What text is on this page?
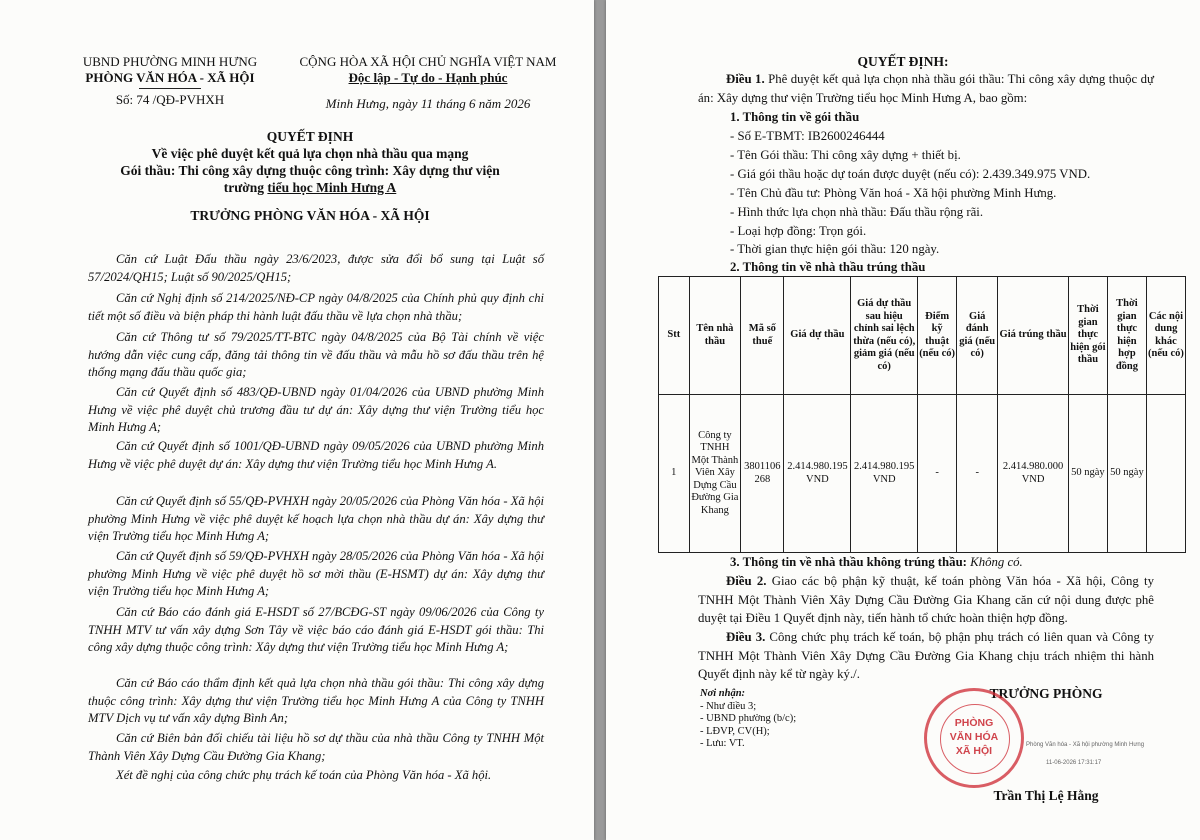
UBND PHƯỜNG MINH HƯNG
PHÒNG VĂN HÓA - XÃ HỘI
Số: 74 /QĐ-PVHXH
CỘNG HÒA XÃ HỘI CHỦ NGHĨA VIỆT NAM
Độc lập - Tự do - Hạnh phúc
Minh Hưng, ngày 11 tháng 6 năm 2026
QUYẾT ĐỊNH
Về việc phê duyệt kết quả lựa chọn nhà thầu qua mạng
Gói thầu: Thi công xây dựng thuộc công trình: Xây dựng thư viện
trường tiểu học Minh Hưng A
TRƯỞNG PHÒNG VĂN HÓA - XÃ HỘI
Căn cứ Luật Đấu thầu ngày 23/6/2023, được sửa đổi bổ sung tại Luật số 57/2024/QH15; Luật số 90/2025/QH15;
Căn cứ Nghị định số 214/2025/NĐ-CP ngày 04/8/2025 của Chính phủ quy định chi tiết một số điều và biện pháp thi hành luật đấu thầu về lựa chọn nhà thầu;
Căn cứ Thông tư số 79/2025/TT-BTC ngày 04/8/2025 của Bộ Tài chính về việc hướng dẫn việc cung cấp, đăng tải thông tin về đấu thầu và mẫu hồ sơ đấu thầu trên hệ thống mạng đấu thầu quốc gia;
Căn cứ Quyết định số 483/QĐ-UBND ngày 01/04/2026 của UBND phường Minh Hưng về việc phê duyệt chủ trương đầu tư dự án: Xây dựng thư viện Trường tiểu học Minh Hưng A;
Căn cứ Quyết định số 1001/QĐ-UBND ngày 09/05/2026 của UBND phường Minh Hưng về việc phê duyệt dự án: Xây dựng thư viện Trường tiểu học Minh Hưng A.
Căn cứ Quyết định số 55/QĐ-PVHXH ngày 20/05/2026 của Phòng Văn hóa - Xã hội phường Minh Hưng về việc phê duyệt kế hoạch lựa chọn nhà thầu dự án: Xây dựng thư viện Trường tiểu học Minh Hưng A;
Căn cứ Quyết định số 59/QĐ-PVHXH ngày 28/05/2026 của Phòng Văn hóa - Xã hội phường Minh Hưng về việc phê duyệt hồ sơ mời thầu (E-HSMT) dự án: Xây dựng thư viện Trường tiểu học Minh Hưng A;
Căn cứ Báo cáo đánh giá E-HSDT số 27/BCĐG-ST ngày 09/06/2026 của Công ty TNHH MTV tư vấn xây dựng Sơn Tây về việc báo cáo đánh giá E-HSDT gói thầu: Thi công xây dựng thuộc công trình: Xây dựng thư viện Trường tiểu học Minh Hưng A;
Căn cứ Báo cáo thẩm định kết quả lựa chọn nhà thầu gói thầu: Thi công xây dựng thuộc công trình: Xây dựng thư viện Trường tiểu học Minh Hưng A của Công ty TNHH MTV Dịch vụ tư vấn xây dựng Bình An;
Căn cứ Biên bản đối chiếu tài liệu hồ sơ dự thầu của nhà thầu Công ty TNHH Một Thành Viên Xây Dựng Cầu Đường Gia Khang;
Xét đề nghị của công chức phụ trách kế toán của Phòng Văn hóa - Xã hội.
QUYẾT ĐỊNH:
Điều 1. Phê duyệt kết quả lựa chọn nhà thầu gói thầu: Thi công xây dựng thuộc dự án: Xây dựng thư viện Trường tiểu học Minh Hưng A, bao gồm:
1. Thông tin về gói thầu
- Số E-TBMT: IB2600246444
- Tên Gói thầu: Thi công xây dựng + thiết bị.
- Giá gói thầu hoặc dự toán được duyệt (nếu có): 2.439.349.975 VND.
- Tên Chủ đầu tư: Phòng Văn hoá - Xã hội phường Minh Hưng.
- Hình thức lựa chọn nhà thầu: Đấu thầu rộng rãi.
- Loại hợp đồng: Trọn gói.
- Thời gian thực hiện gói thầu: 120 ngày.
2. Thông tin về nhà thầu trúng thầu
Stt	Tên nhà thầu	Mã số thuế	Giá dự thầu	Giá dự thầu sau hiệu chỉnh sai lệch thừa (nếu có), giảm giá (nếu có)	Điểm kỹ thuật (nếu có)	Giá đánh giá (nếu có)	Giá trúng thầu	Thời gian thực hiện gói thầu	Thời gian thực hiện hợp đồng	Các nội dung khác (nếu có)
1	Công ty TNHH Một Thành Viên Xây Dựng Cầu Đường Gia Khang	3801106268	2.414.980.195 VND	2.414.980.195 VND	-	-	2.414.980.000 VND	50 ngày	50 ngày	
3. Thông tin về nhà thầu không trúng thầu: Không có.
Điều 2. Giao các bộ phận kỹ thuật, kế toán phòng Văn hóa - Xã hội, Công ty TNHH Một Thành Viên Xây Dựng Cầu Đường Gia Khang căn cứ nội dung được phê duyệt tại Điều 1 Quyết định này, tiến hành tổ chức hoàn thiện hợp đồng.
Điều 3. Công chức phụ trách kế toán, bộ phận phụ trách có liên quan và Công ty TNHH Một Thành Viên Xây Dựng Cầu Đường Gia Khang chịu trách nhiệm thi hành Quyết định này kể từ ngày ký./.
Nơi nhận:
- Như điều 3;
- UBND phường (b/c);
- LĐVP, CV(H);
- Lưu: VT.
TRƯỞNG PHÒNG
PHÒNG
VĂN HÓA
XÃ HỘI	Phòng Văn hóa - Xã hội phường Minh Hưng
11-06-2026 17:31:17
Trần Thị Lệ Hằng
